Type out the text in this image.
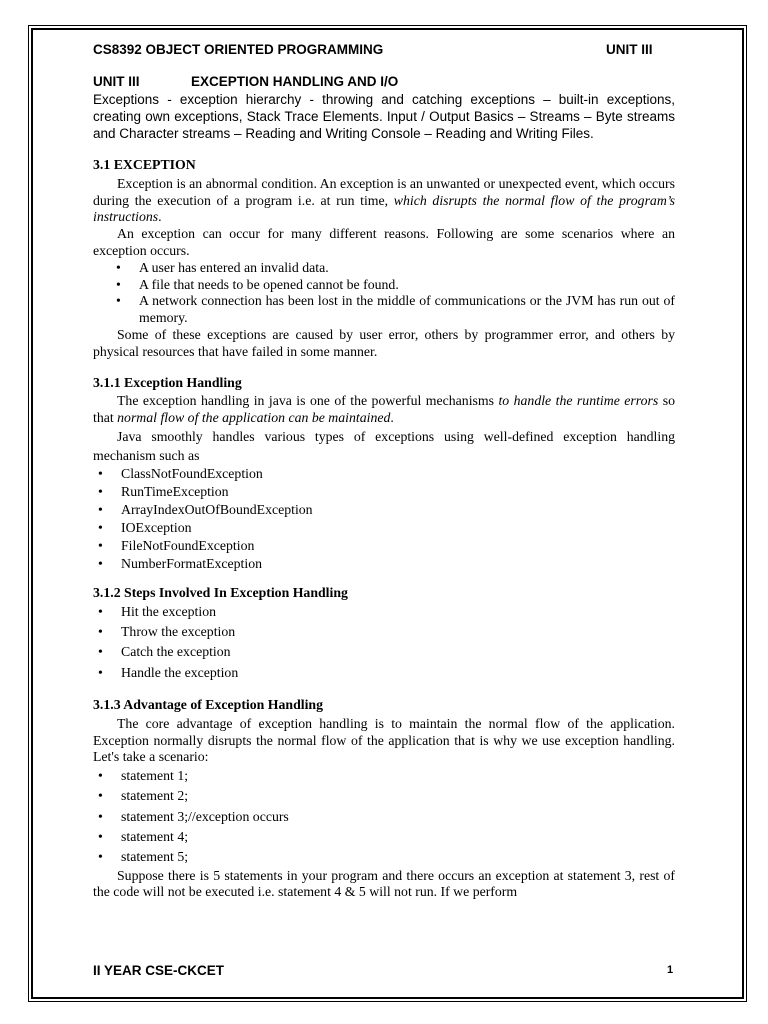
CS8392 OBJECT ORIENTED PROGRAMMING	UNIT III
UNIT III	EXCEPTION HANDLING AND I/O
Exceptions - exception hierarchy - throwing and catching exceptions – built-in exceptions, creating own exceptions, Stack Trace Elements. Input / Output Basics – Streams – Byte streams and Character streams – Reading and Writing Console – Reading and Writing Files.

3.1 EXCEPTION

Exception is an abnormal condition. An exception is an unwanted or unexpected event, which occurs during the execution of a program i.e. at run time, which disrupts the normal flow of the program’s instructions.

An exception can occur for many different reasons. Following are some scenarios where an exception occurs.

• A user has entered an invalid data.
• A file that needs to be opened cannot be found.
• A network connection has been lost in the middle of communications or the JVM has run out of memory.

Some of these exceptions are caused by user error, others by programmer error, and others by physical resources that have failed in some manner.

3.1.1 Exception Handling

The exception handling in java is one of the powerful mechanisms to handle the runtime errors so that normal flow of the application can be maintained.

Java smoothly handles various types of exceptions using well-defined exception handling mechanism such as

• ClassNotFoundException
• RunTimeException
• ArrayIndexOutOfBoundException
• IOException
• FileNotFoundException
• NumberFormatException

3.1.2 Steps Involved In Exception Handling

• Hit the exception
• Throw the exception
• Catch the exception
• Handle the exception

3.1.3 Advantage of Exception Handling

The core advantage of exception handling is to maintain the normal flow of the application. Exception normally disrupts the normal flow of the application that is why we use exception handling. Let's take a scenario:

• statement 1;
• statement 2;
• statement 3;//exception occurs
• statement 4;
• statement 5;

Suppose there is 5 statements in your program and there occurs an exception at statement 3, rest of the code will not be executed i.e. statement 4 & 5 will not run. If we perform

II YEAR CSE-CKCET	1
